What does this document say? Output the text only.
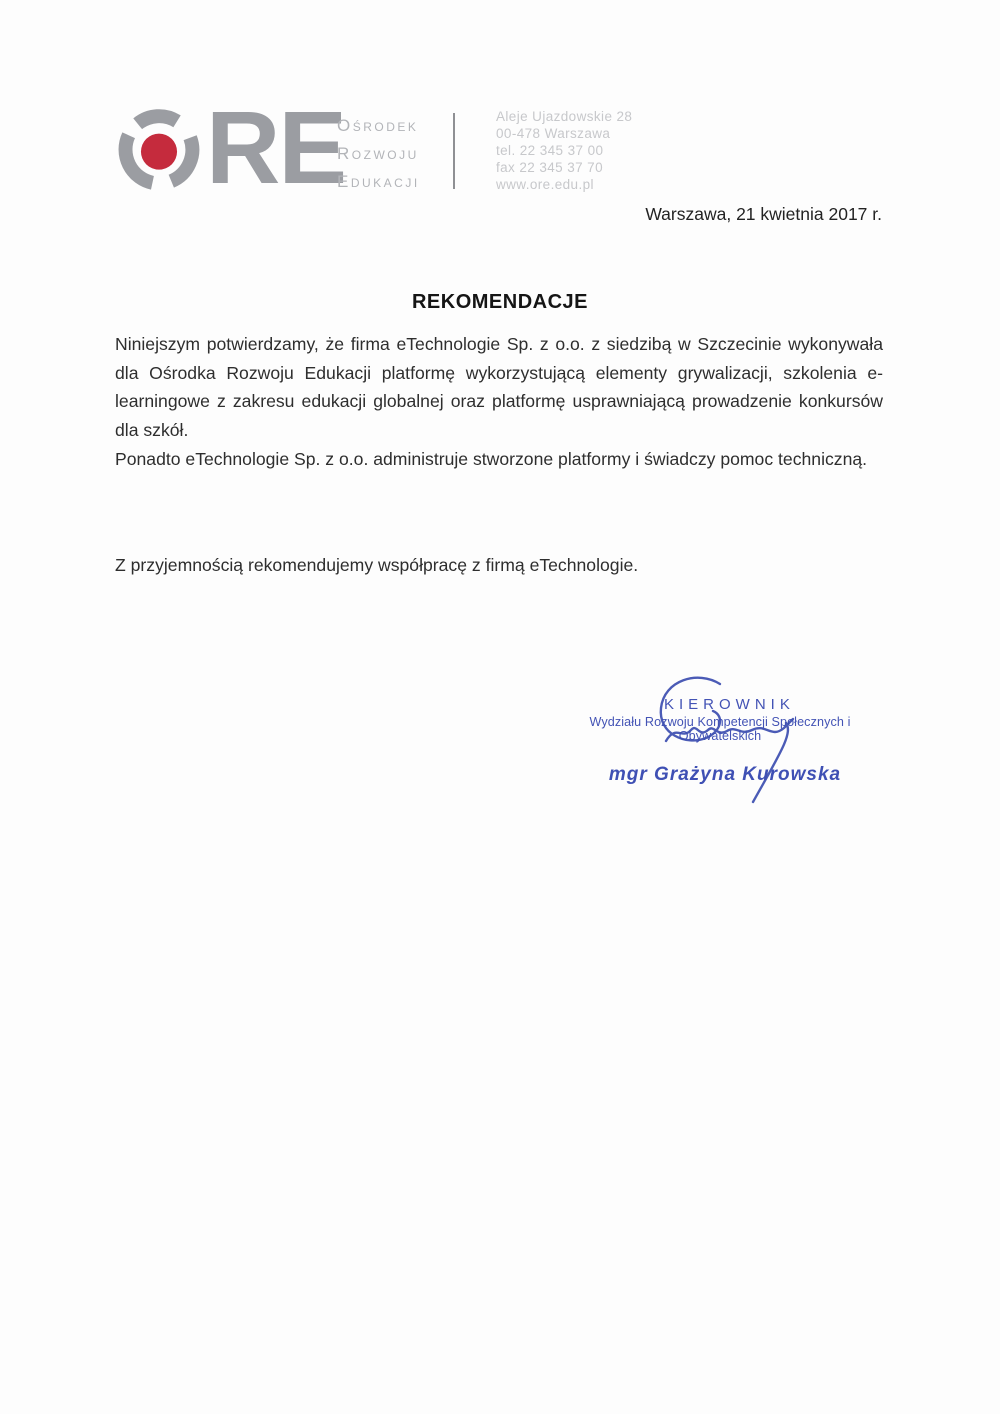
RE
Ośrodek
Rozwoju
Edukacji
Aleje Ujazdowskie 28
00-478 Warszawa
tel. 22 345 37 00
fax 22 345 37 70
www.ore.edu.pl
Warszawa, 21 kwietnia 2017 r.
REKOMENDACJE

Niniejszym potwierdzamy, że firma eTechnologie Sp. z o.o. z siedzibą w Szczecinie wykonywała dla Ośrodka Rozwoju Edukacji platformę wykorzystującą elementy grywalizacji, szkolenia e-learningowe z zakresu edukacji globalnej oraz platformę usprawniającą prowadzenie konkursów dla szkół.

Ponadto eTechnologie Sp. z o.o. administruje stworzone platformy i świadczy pomoc techniczną.

Z przyjemnością rekomendujemy współpracę z firmą eTechnologie.

KIEROWNIK
Wydziału Rozwoju Kompetencji Społecznych i Obywatelskich
mgr Grażyna Kurowska
